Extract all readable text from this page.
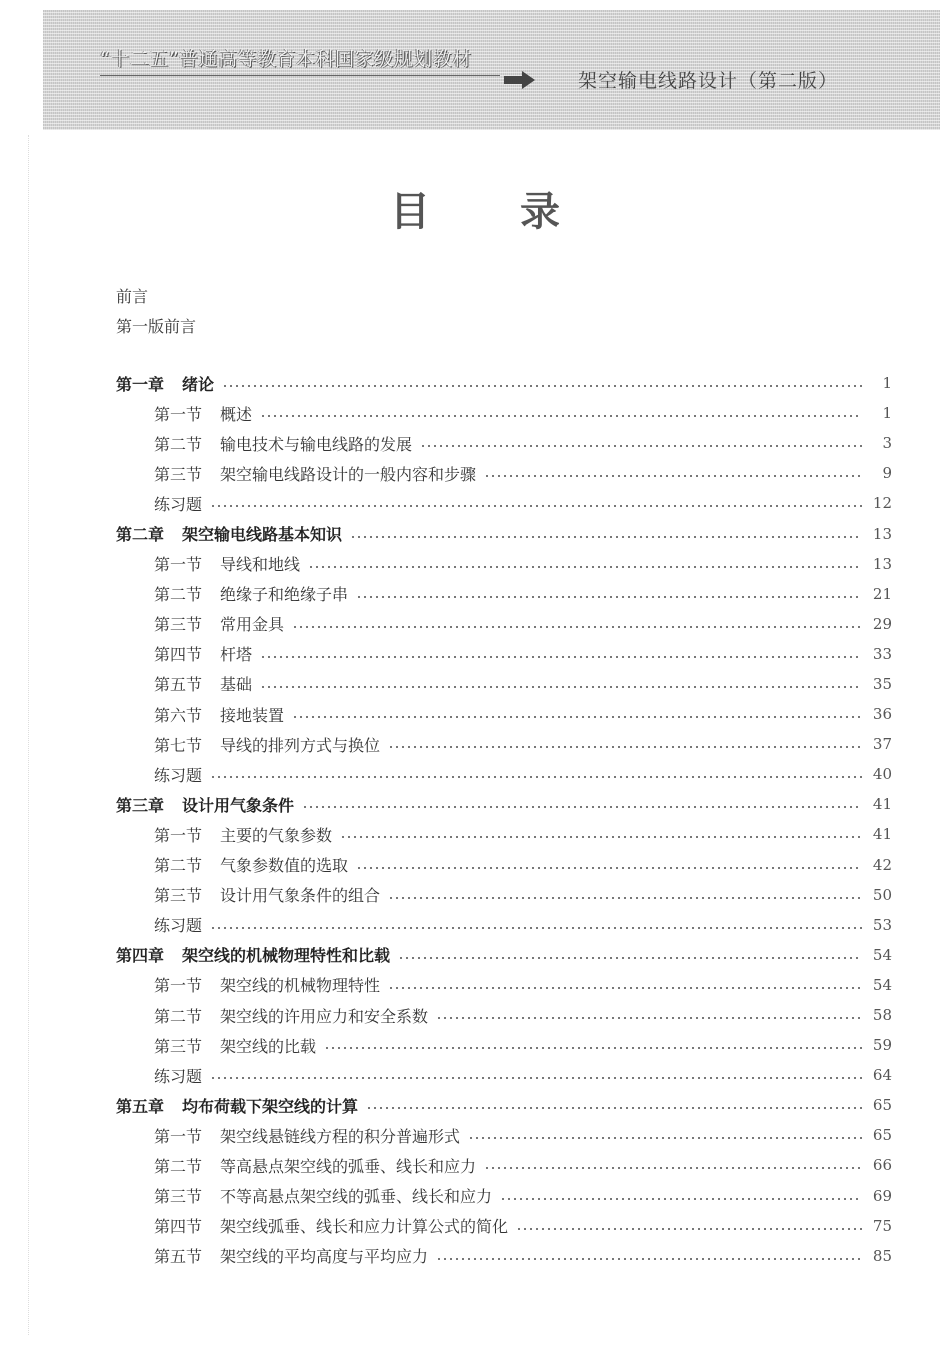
“十二五”普通高等教育本科国家级规划教材
架空输电线路设计（第二版）
目录
前言
第一版前言
第一章 绪论	1
第一节 概述	1
第二节 输电技术与输电线路的发展	3
第三节 架空输电线路设计的一般内容和步骤	9
练习题	12
第二章 架空输电线路基本知识	13
第一节 导线和地线	13
第二节 绝缘子和绝缘子串	21
第三节 常用金具	29
第四节 杆塔	33
第五节 基础	35
第六节 接地装置	36
第七节 导线的排列方式与换位	37
练习题	40
第三章 设计用气象条件	41
第一节 主要的气象参数	41
第二节 气象参数值的选取	42
第三节 设计用气象条件的组合	50
练习题	53
第四章 架空线的机械物理特性和比载	54
第一节 架空线的机械物理特性	54
第二节 架空线的许用应力和安全系数	58
第三节 架空线的比载	59
练习题	64
第五章 均布荷载下架空线的计算	65
第一节 架空线悬链线方程的积分普遍形式	65
第二节 等高悬点架空线的弧垂、线长和应力	66
第三节 不等高悬点架空线的弧垂、线长和应力	69
第四节 架空线弧垂、线长和应力计算公式的简化	75
第五节 架空线的平均高度与平均应力	85
